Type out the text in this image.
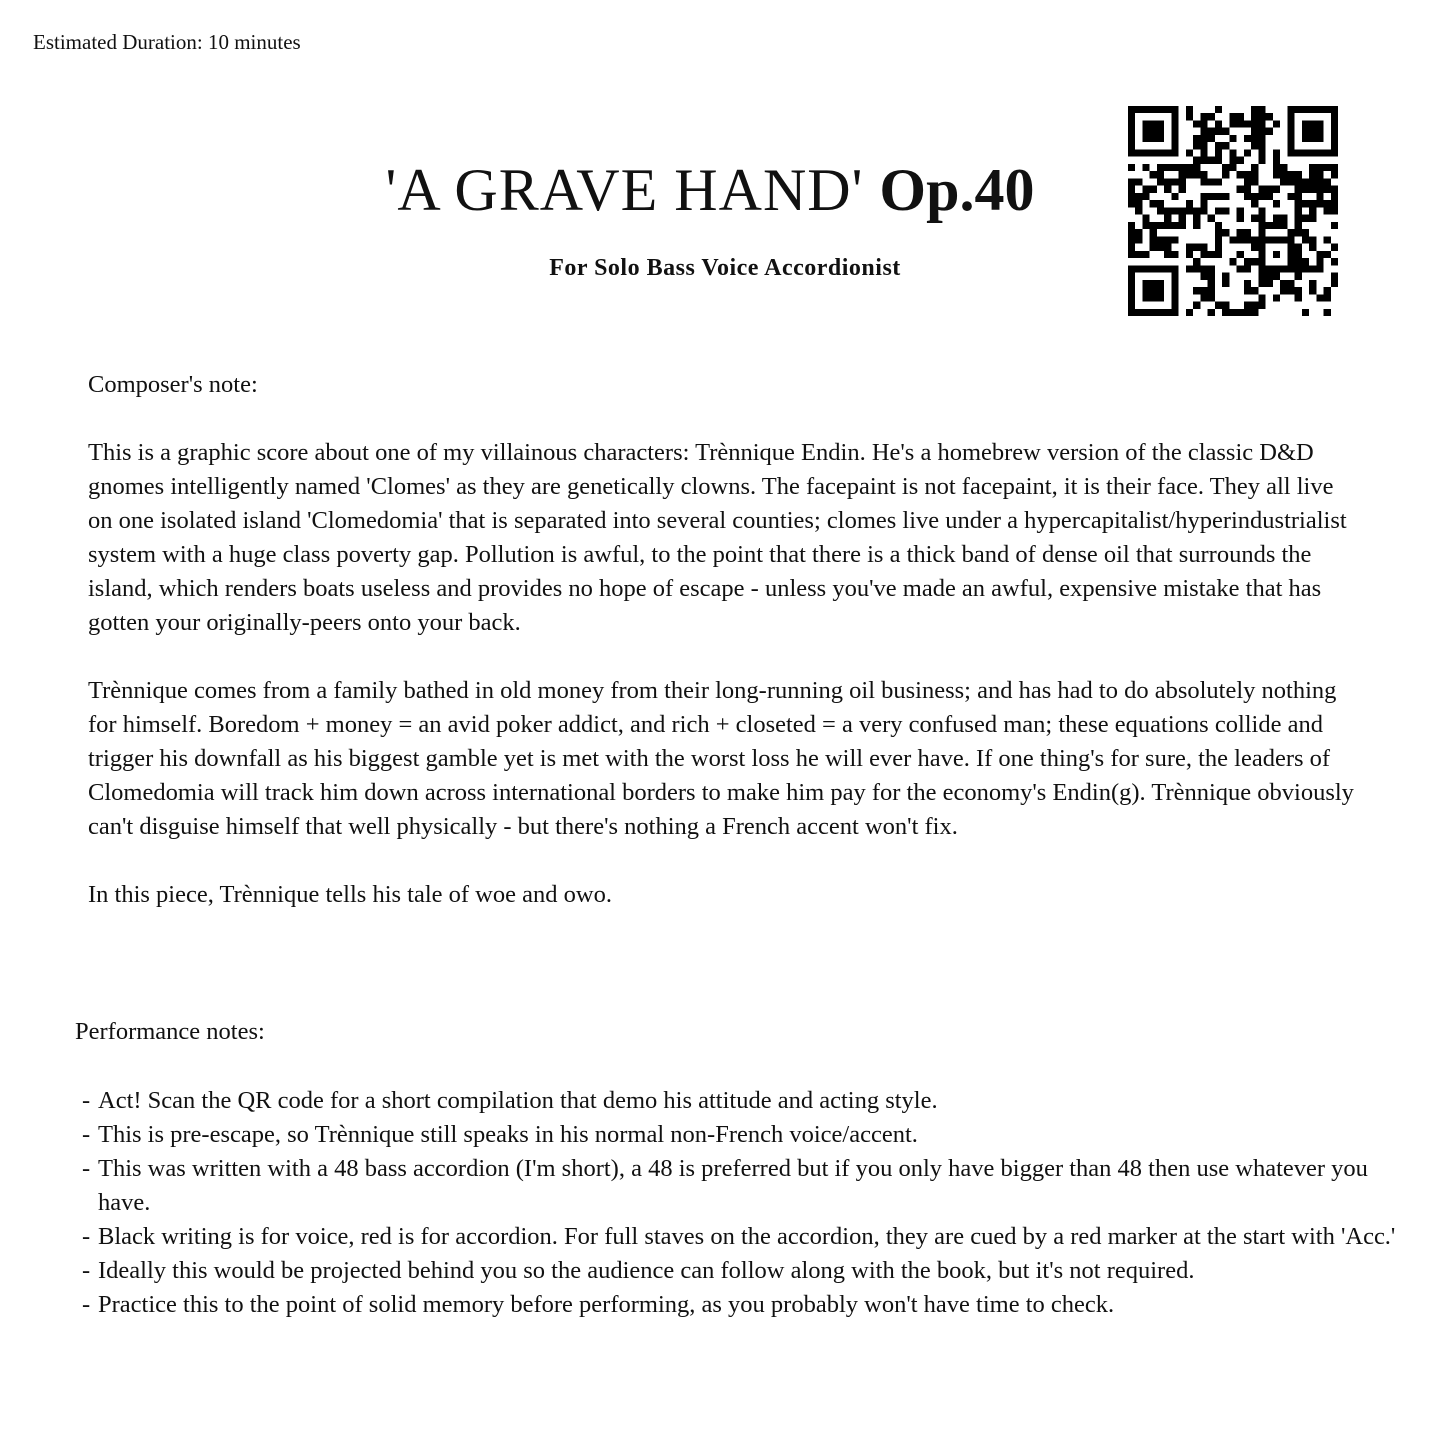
Estimated Duration: 10 minutes
'A GRAVE HAND' Op.40
For Solo Bass Voice Accordionist

Composer's note:

This is a graphic score about one of my villainous characters: Trènnique Endin. He's a homebrew version of the classic D&D gnomes intelligently named 'Clomes' as they are genetically clowns. The facepaint is not facepaint, it is their face. They all live on one isolated island 'Clomedomia' that is separated into several counties; clomes live under a hypercapitalist/hyperindustrialist system with a huge class poverty gap. Pollution is awful, to the point that there is a thick band of dense oil that surrounds the island, which renders boats useless and provides no hope of escape - unless you've made an awful, expensive mistake that has gotten your originally-peers onto your back.

Trènnique comes from a family bathed in old money from their long-running oil business; and has had to do absolutely nothing for himself. Boredom + money = an avid poker addict, and rich + closeted = a very confused man; these equations collide and trigger his downfall as his biggest gamble yet is met with the worst loss he will ever have. If one thing's for sure, the leaders of Clomedomia will track him down across international borders to make him pay for the economy's Endin(g). Trènnique obviously can't disguise himself that well physically - but there's nothing a French accent won't fix.

In this piece, Trènnique tells his tale of woe and owo.

Performance notes:
- Act! Scan the QR code for a short compilation that demo his attitude and acting style.
- This is pre-escape, so Trènnique still speaks in his normal non-French voice/accent.
- This was written with a 48 bass accordion (I'm short), a 48 is preferred but if you only have bigger than 48 then use whatever you have.
- Black writing is for voice, red is for accordion. For full staves on the accordion, they are cued by a red marker at the start with 'Acc.'
- Ideally this would be projected behind you so the audience can follow along with the book, but it's not required.
- Practice this to the point of solid memory before performing, as you probably won't have time to check.
